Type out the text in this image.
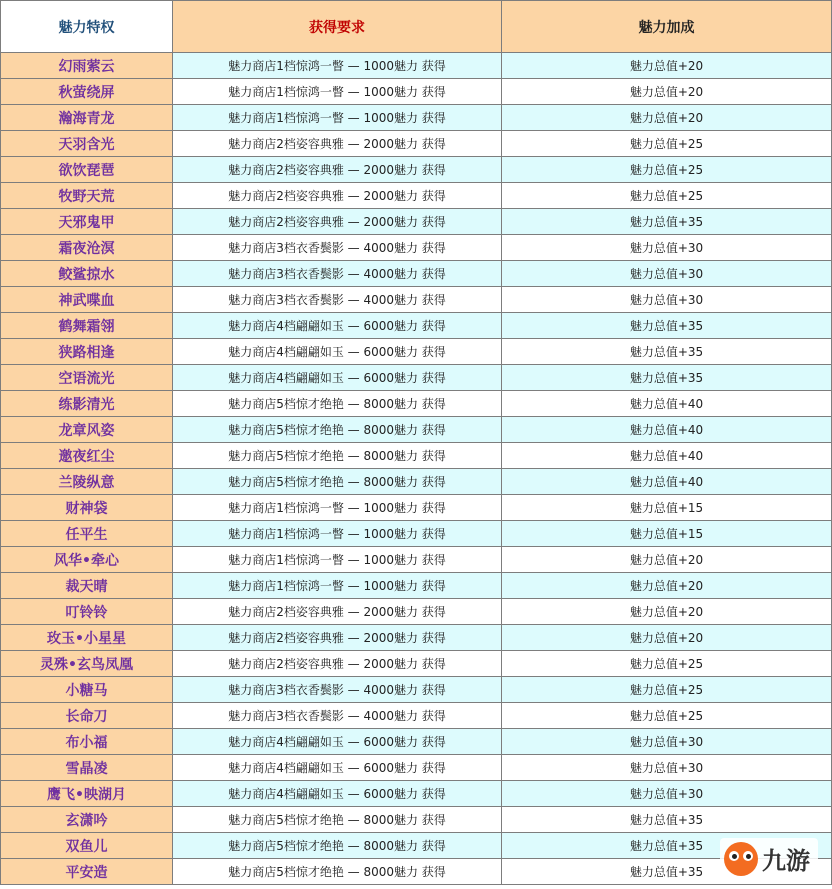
魅力特权	获得要求	魅力加成
幻雨萦云	魅力商店1档惊鸿一瞥 — 1000魅力 获得	魅力总值+20
秋萤绕屏	魅力商店1档惊鸿一瞥 — 1000魅力 获得	魅力总值+20
瀚海青龙	魅力商店1档惊鸿一瞥 — 1000魅力 获得	魅力总值+20
天羽含光	魅力商店2档姿容典雅 — 2000魅力 获得	魅力总值+25
欲饮琵琶	魅力商店2档姿容典雅 — 2000魅力 获得	魅力总值+25
牧野天荒	魅力商店2档姿容典雅 — 2000魅力 获得	魅力总值+25
天邪鬼甲	魅力商店2档姿容典雅 — 2000魅力 获得	魅力总值+35
霜夜沧溟	魅力商店3档衣香鬓影 — 4000魅力 获得	魅力总值+30
鲛鲨掠水	魅力商店3档衣香鬓影 — 4000魅力 获得	魅力总值+30
神武喋血	魅力商店3档衣香鬓影 — 4000魅力 获得	魅力总值+30
鹤舞霜翎	魅力商店4档翩翩如玉 — 6000魅力 获得	魅力总值+35
狭路相逢	魅力商店4档翩翩如玉 — 6000魅力 获得	魅力总值+35
空语流光	魅力商店4档翩翩如玉 — 6000魅力 获得	魅力总值+35
练影清光	魅力商店5档惊才绝艳 — 8000魅力 获得	魅力总值+40
龙章风姿	魅力商店5档惊才绝艳 — 8000魅力 获得	魅力总值+40
邀夜红尘	魅力商店5档惊才绝艳 — 8000魅力 获得	魅力总值+40
兰陵纵意	魅力商店5档惊才绝艳 — 8000魅力 获得	魅力总值+40
财神袋	魅力商店1档惊鸿一瞥 — 1000魅力 获得	魅力总值+15
任平生	魅力商店1档惊鸿一瞥 — 1000魅力 获得	魅力总值+15
风华•牵心	魅力商店1档惊鸿一瞥 — 1000魅力 获得	魅力总值+20
裁天晴	魅力商店1档惊鸿一瞥 — 1000魅力 获得	魅力总值+20
叮铃铃	魅力商店2档姿容典雅 — 2000魅力 获得	魅力总值+20
玫玉•小星星	魅力商店2档姿容典雅 — 2000魅力 获得	魅力总值+20
灵殊•玄鸟凤凰	魅力商店2档姿容典雅 — 2000魅力 获得	魅力总值+25
小糖马	魅力商店3档衣香鬓影 — 4000魅力 获得	魅力总值+25
长命刀	魅力商店3档衣香鬓影 — 4000魅力 获得	魅力总值+25
布小福	魅力商店4档翩翩如玉 — 6000魅力 获得	魅力总值+30
雪晶凌	魅力商店4档翩翩如玉 — 6000魅力 获得	魅力总值+30
鹰飞•映湖月	魅力商店4档翩翩如玉 — 6000魅力 获得	魅力总值+30
玄潇吟	魅力商店5档惊才绝艳 — 8000魅力 获得	魅力总值+35
双鱼儿	魅力商店5档惊才绝艳 — 8000魅力 获得	魅力总值+35
平安造	魅力商店5档惊才绝艳 — 8000魅力 获得	魅力总值+35 九游
